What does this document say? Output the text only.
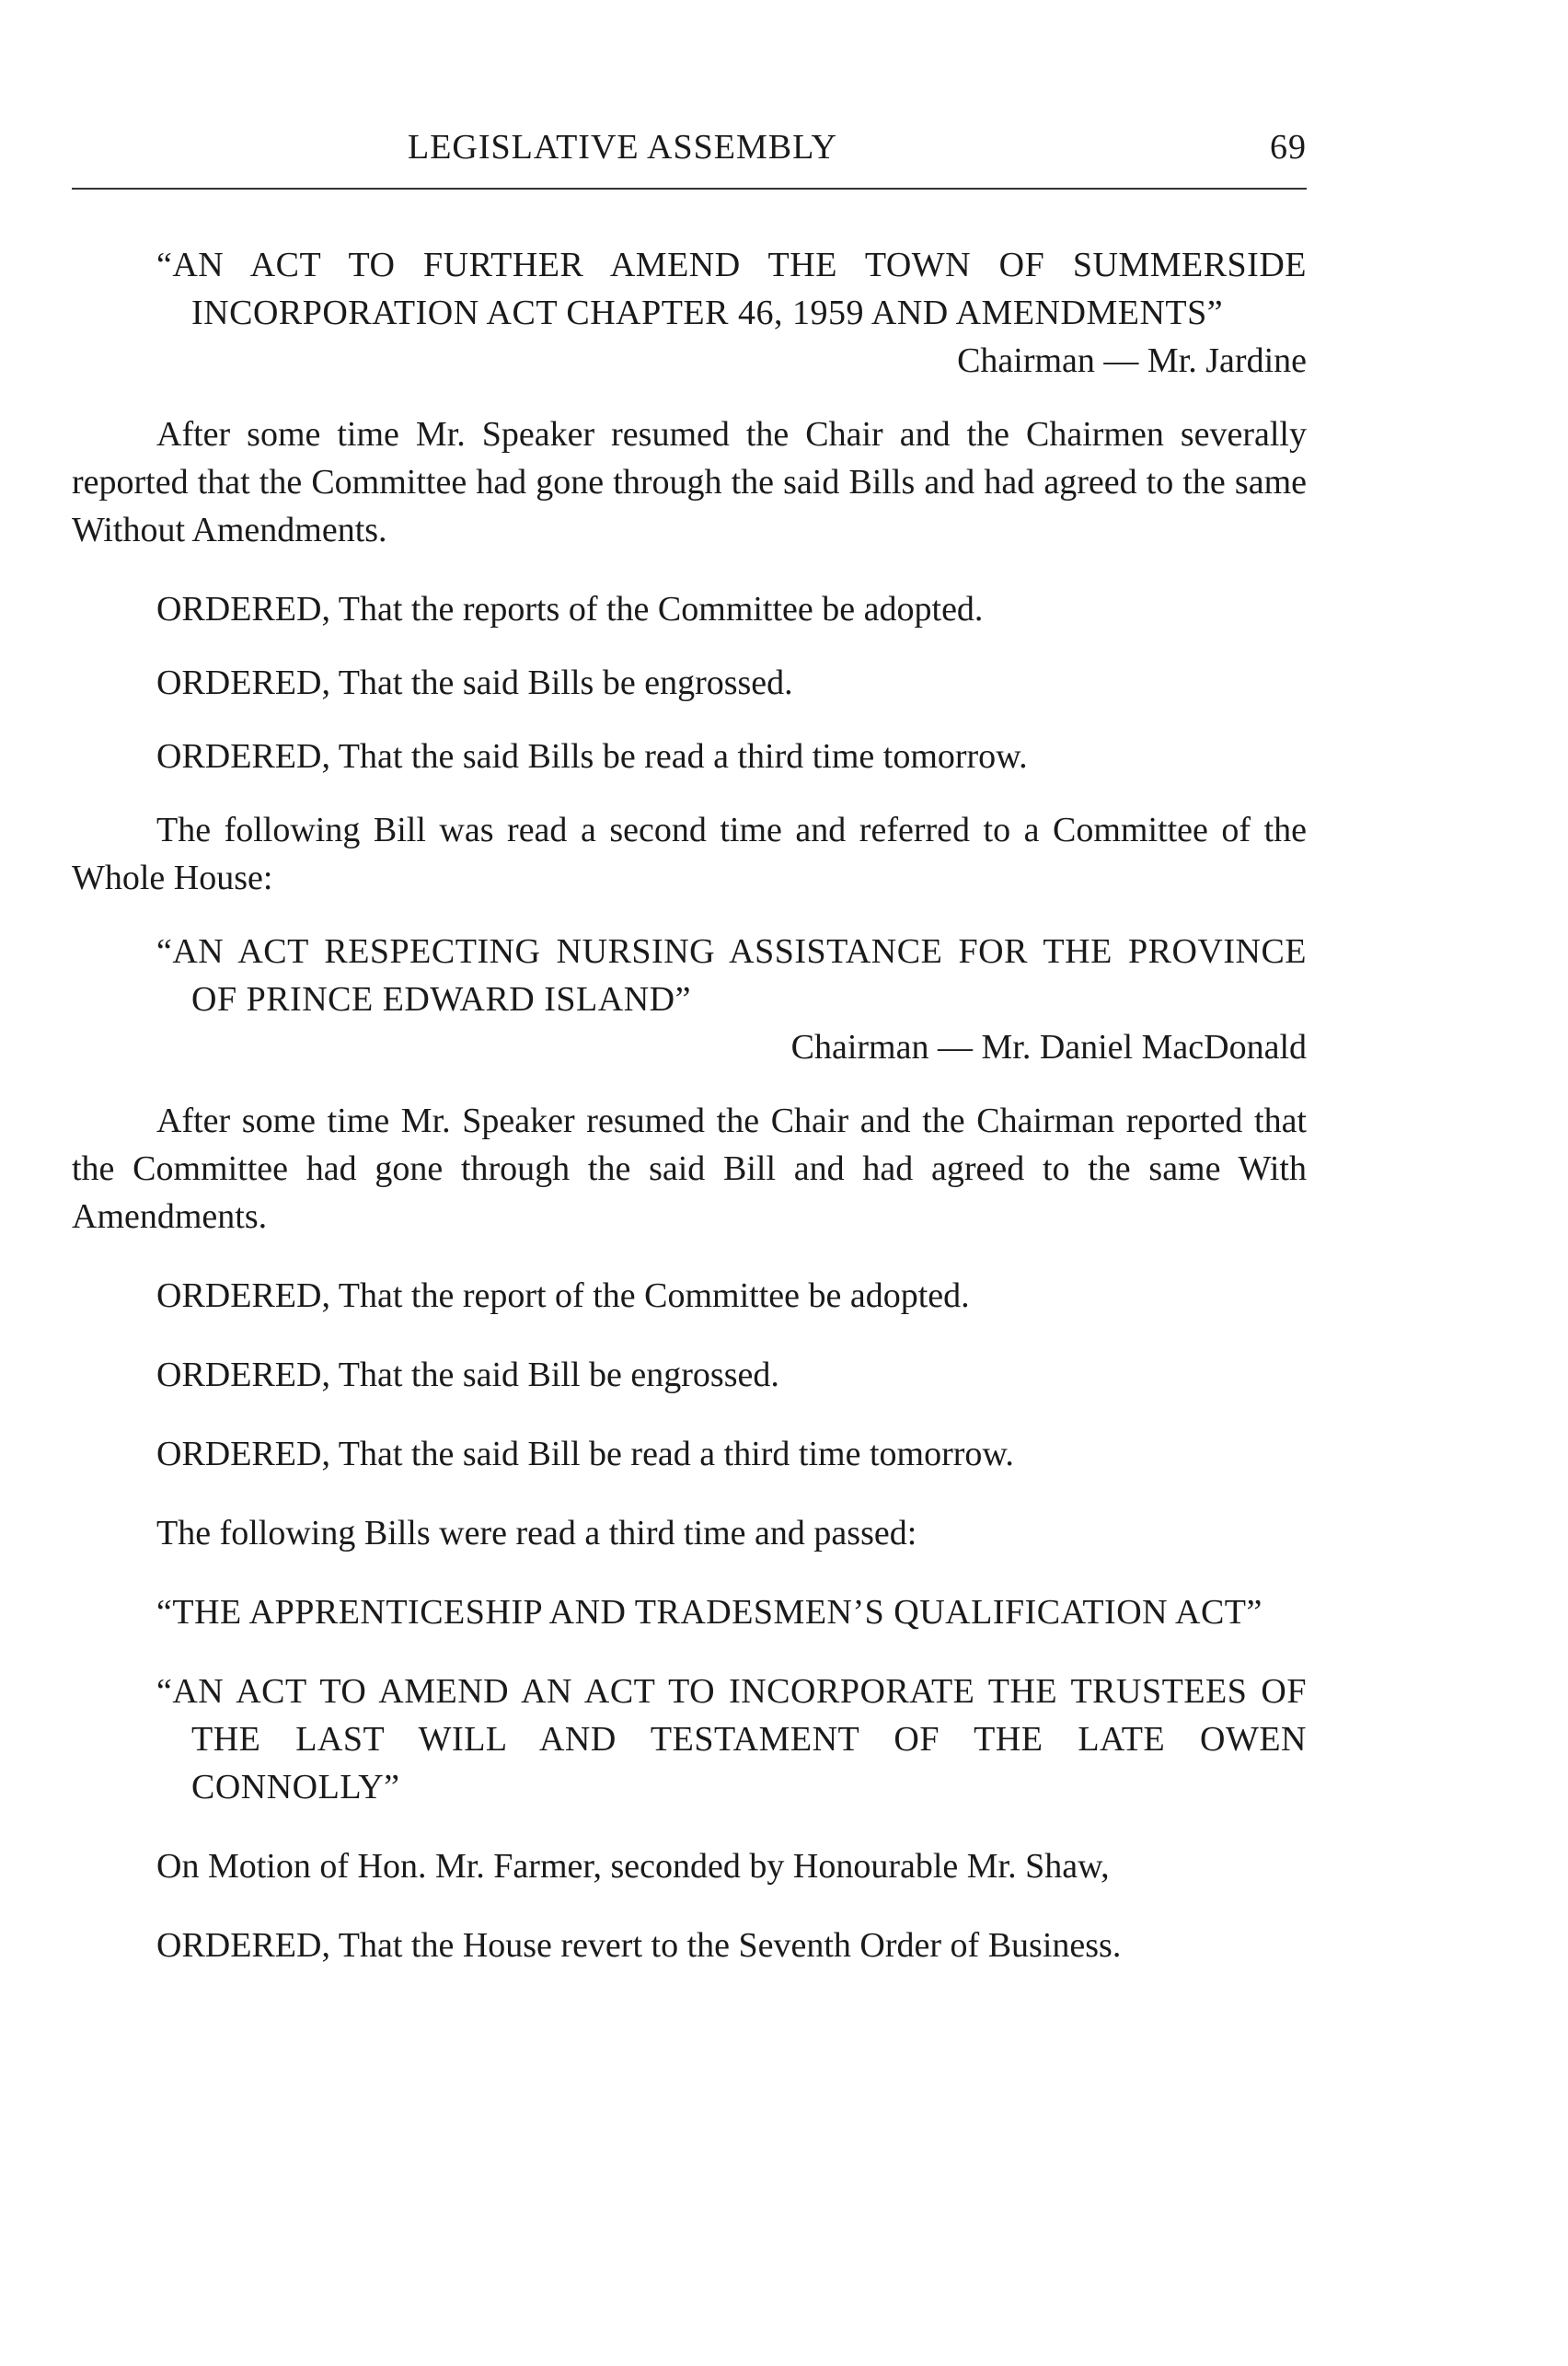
LEGISLATIVE ASSEMBLY	69

“AN ACT TO FURTHER AMEND THE TOWN OF SUMMERSIDE INCORPORATION ACT CHAPTER 46, 1959 AND AMENDMENTS”

Chairman — Mr. Jardine

After some time Mr. Speaker resumed the Chair and the Chairmen severally reported that the Committee had gone through the said Bills and had agreed to the same Without Amendments.

ORDERED, That the reports of the Committee be adopted.

ORDERED, That the said Bills be engrossed.

ORDERED, That the said Bills be read a third time tomorrow.

The following Bill was read a second time and referred to a Committee of the Whole House:

“AN ACT RESPECTING NURSING ASSISTANCE FOR THE PROVINCE OF PRINCE EDWARD ISLAND”

Chairman — Mr. Daniel MacDonald

After some time Mr. Speaker resumed the Chair and the Chairman reported that the Committee had gone through the said Bill and had agreed to the same With Amendments.

ORDERED, That the report of the Committee be adopted.

ORDERED, That the said Bill be engrossed.

ORDERED, That the said Bill be read a third time tomorrow.

The following Bills were read a third time and passed:

“THE APPRENTICESHIP AND TRADESMEN’S QUALIFICATION ACT”

“AN ACT TO AMEND AN ACT TO INCORPORATE THE TRUSTEES OF THE LAST WILL AND TESTAMENT OF THE LATE OWEN CONNOLLY”

On Motion of Hon. Mr. Farmer, seconded by Honourable Mr. Shaw,

ORDERED, That the House revert to the Seventh Order of Business.
